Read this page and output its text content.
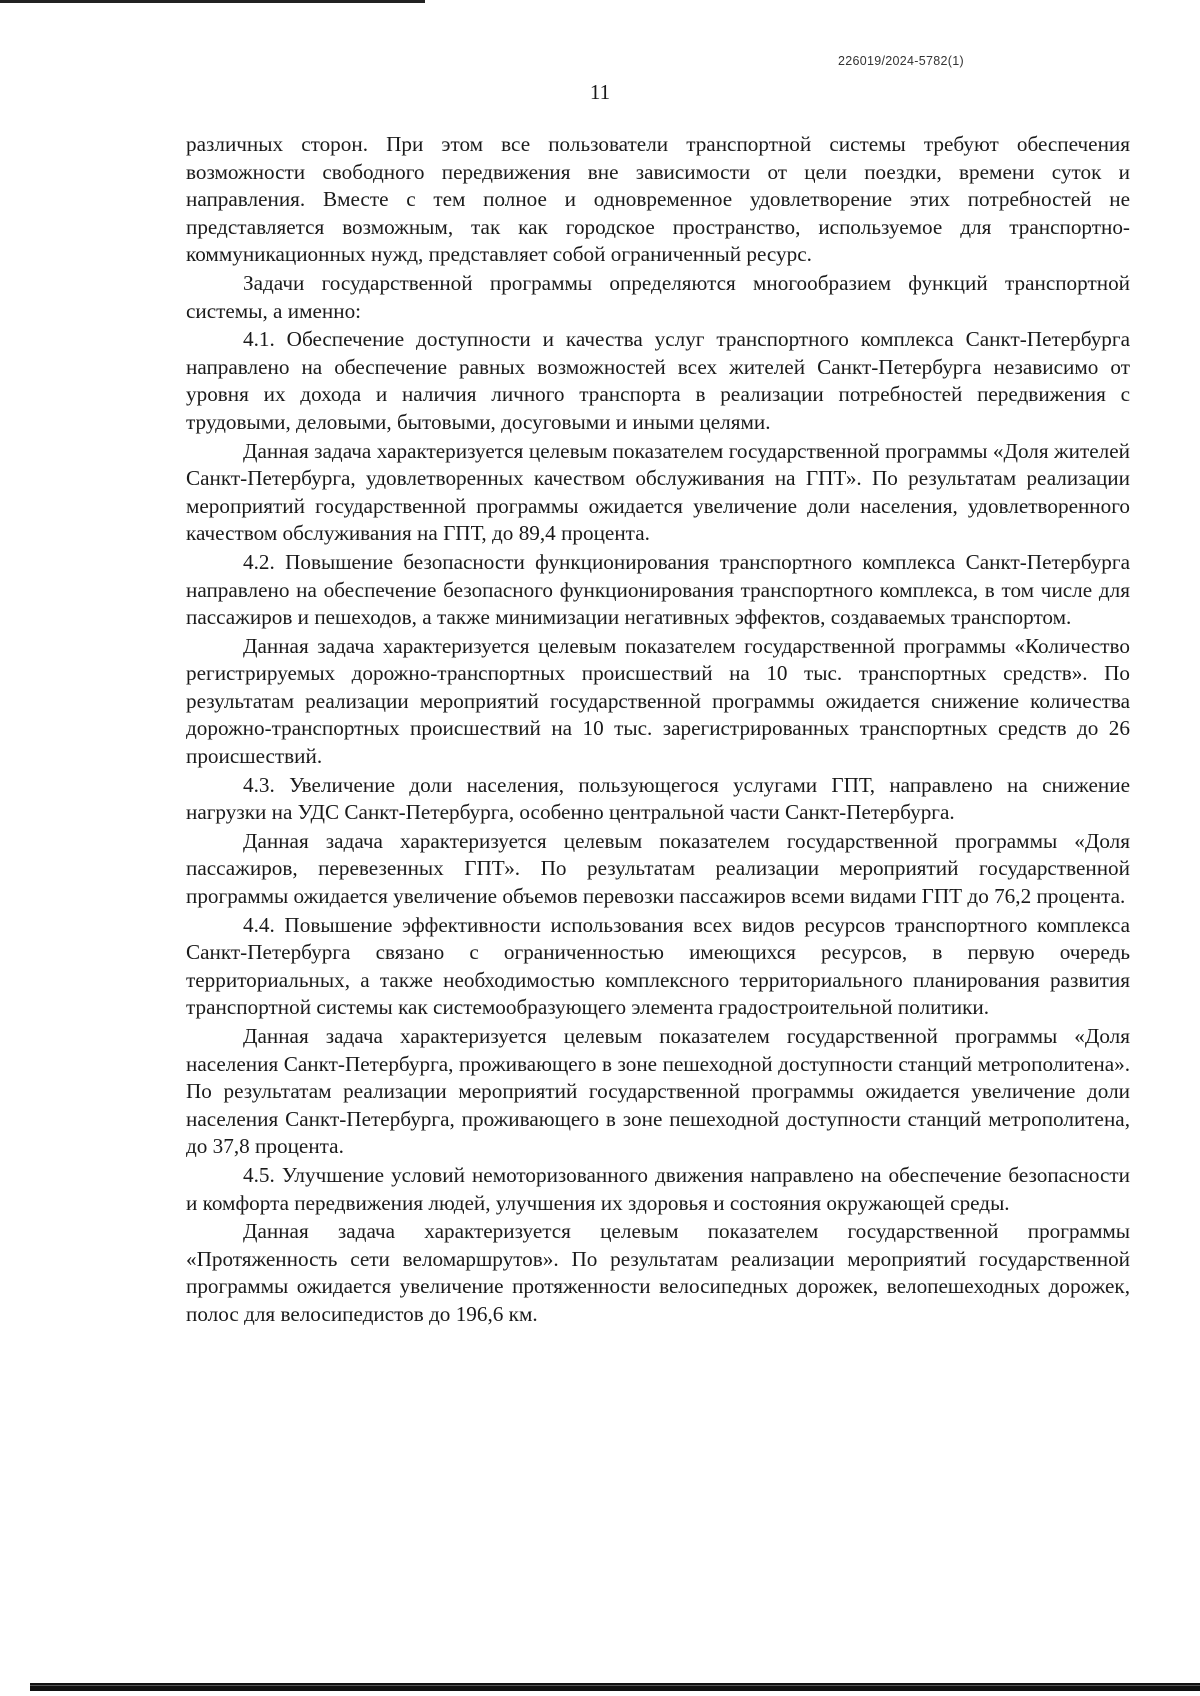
226019/2024-5782(1)
11

различных сторон. При этом все пользователи транспортной системы требуют обеспечения возможности свободного передвижения вне зависимости от цели поездки, времени суток и направления. Вместе с тем полное и одновременное удовлетворение этих потребностей не представляется возможным, так как городское пространство, используемое для транспортно-коммуникационных нужд, представляет собой ограниченный ресурс.

Задачи государственной программы определяются многообразием функций транспортной системы, а именно:

4.1. Обеспечение доступности и качества услуг транспортного комплекса Санкт-Петербурга направлено на обеспечение равных возможностей всех жителей Санкт-Петербурга независимо от уровня их дохода и наличия личного транспорта в реализации потребностей передвижения с трудовыми, деловыми, бытовыми, досуговыми и иными целями.

Данная задача характеризуется целевым показателем государственной программы «Доля жителей Санкт-Петербурга, удовлетворенных качеством обслуживания на ГПТ». По результатам реализации мероприятий государственной программы ожидается увеличение доли населения, удовлетворенного качеством обслуживания на ГПТ, до 89,4 процента.

4.2. Повышение безопасности функционирования транспортного комплекса Санкт-Петербурга направлено на обеспечение безопасного функционирования транспортного комплекса, в том числе для пассажиров и пешеходов, а также минимизации негативных эффектов, создаваемых транспортом.

Данная задача характеризуется целевым показателем государственной программы «Количество регистрируемых дорожно-транспортных происшествий на 10 тыс. транспортных средств». По результатам реализации мероприятий государственной программы ожидается снижение количества дорожно-транспортных происшествий на 10 тыс. зарегистрированных транспортных средств до 26 происшествий.

4.3. Увеличение доли населения, пользующегося услугами ГПТ, направлено на снижение нагрузки на УДС Санкт-Петербурга, особенно центральной части Санкт-Петербурга.

Данная задача характеризуется целевым показателем государственной программы «Доля пассажиров, перевезенных ГПТ». По результатам реализации мероприятий государственной программы ожидается увеличение объемов перевозки пассажиров всеми видами ГПТ до 76,2 процента.

4.4. Повышение эффективности использования всех видов ресурсов транспортного комплекса Санкт-Петербурга связано с ограниченностью имеющихся ресурсов, в первую очередь территориальных, а также необходимостью комплексного территориального планирования развития транспортной системы как системообразующего элемента градостроительной политики.

Данная задача характеризуется целевым показателем государственной программы «Доля населения Санкт-Петербурга, проживающего в зоне пешеходной доступности станций метрополитена». По результатам реализации мероприятий государственной программы ожидается увеличение доли населения Санкт-Петербурга, проживающего в зоне пешеходной доступности станций метрополитена, до 37,8 процента.

4.5. Улучшение условий немоторизованного движения направлено на обеспечение безопасности и комфорта передвижения людей, улучшения их здоровья и состояния окружающей среды.

Данная задача характеризуется целевым показателем государственной программы «Протяженность сети веломаршрутов». По результатам реализации мероприятий государственной программы ожидается увеличение протяженности велосипедных дорожек, велопешеходных дорожек, полос для велосипедистов до 196,6 км.
